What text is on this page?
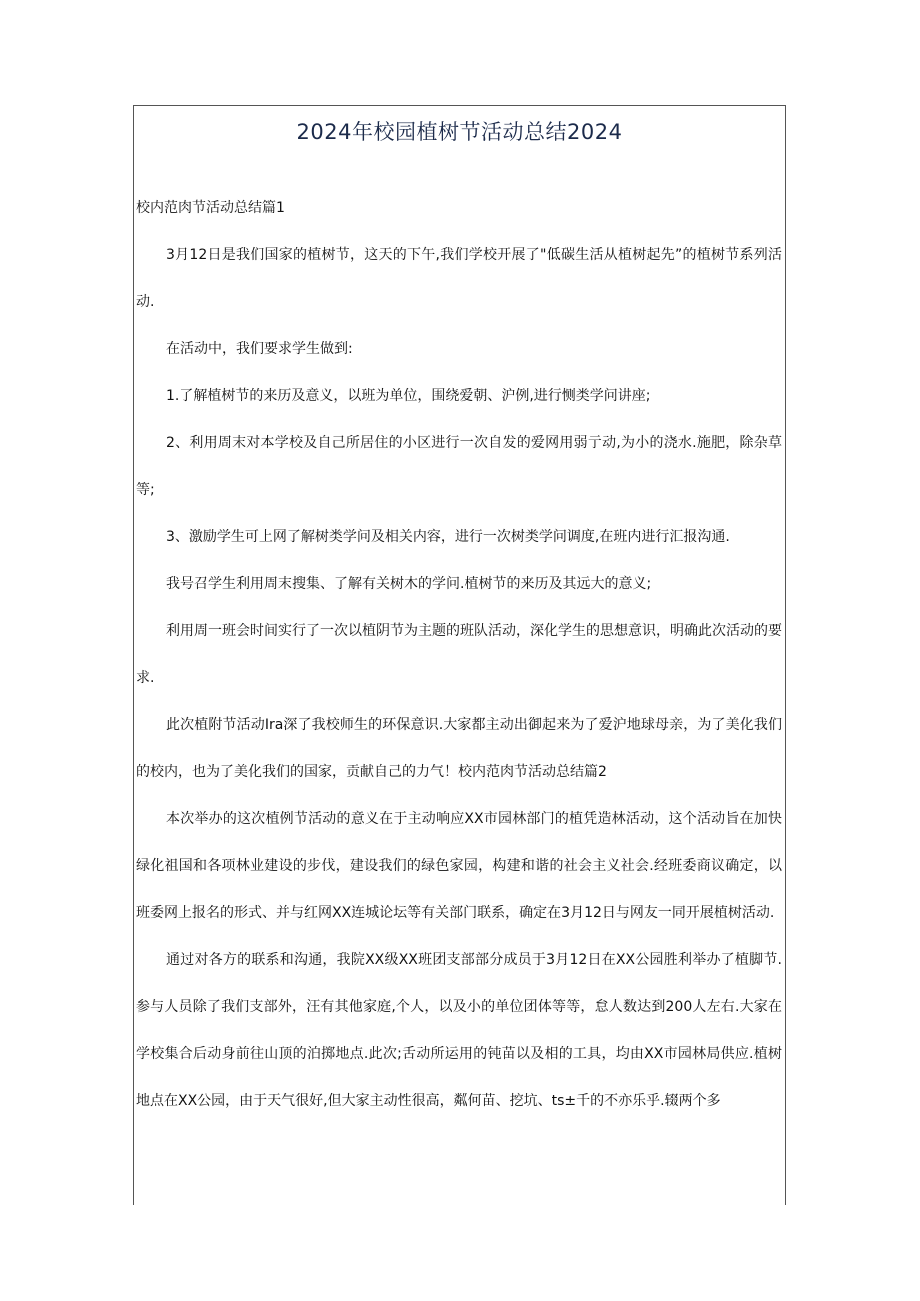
2024年校园植树节活动总结2024

校内范肉节活动总结篇1

3月12日是我们国家的植树节，这天的下午,我们学校开展了"低碳生活从植树起先”的植树节系列活动.

在活动中，我们要求学生做到:

1.了解植树节的来历及意义，以班为单位，围绕爱朝、沪例,进行恻类学问讲座;

2、利用周末对本学校及自己所居住的小区进行一次自发的爱网用弱亍动,为小的浇水.施肥，除杂草等;

3、激励学生可上网了解树类学问及相关内容，进行一次树类学问调度,在班内进行汇报沟通.

我号召学生利用周末搜集、了解有关树木的学问.植树节的来历及其远大的意义;

利用周一班会时间实行了一次以植阴节为主题的班队活动，深化学生的思想意识，明确此次活动的要求.

此次植附节活动Ira深了我校师生的环保意识.大家都主动出御起来为了爱沪地球母亲，为了美化我们的校内，也为了美化我们的国家，贡献自己的力气！校内范肉节活动总结篇2

本次举办的这次植例节活动的意义在于主动响应XX市园林部门的植凭造林活动，这个活动旨在加快绿化祖国和各项林业建设的步伐，建设我们的绿色家园，构建和谐的社会主义社会.经班委商议确定，以班委网上报名的形式、并与红网XX连城论坛等有关部门联系，确定在3月12日与网友一同开展植树活动.

通过对各方的联系和沟通，我院XX级XX班团支部部分成员于3月12日在XX公园胜利举办了植脚节.参与人员除了我们支部外，汪有其他家庭,个人，以及小的单位团体等等，怠人数达到200人左右.大家在学校集合后动身前往山顶的泊掷地点.此次;舌动所运用的钝苗以及相的工具，均由XX市园林局供应.植树地点在XX公园，由于天气很好,但大家主动性很高，粼何苗、挖坑、ts±千的不亦乐乎.辍两个多
